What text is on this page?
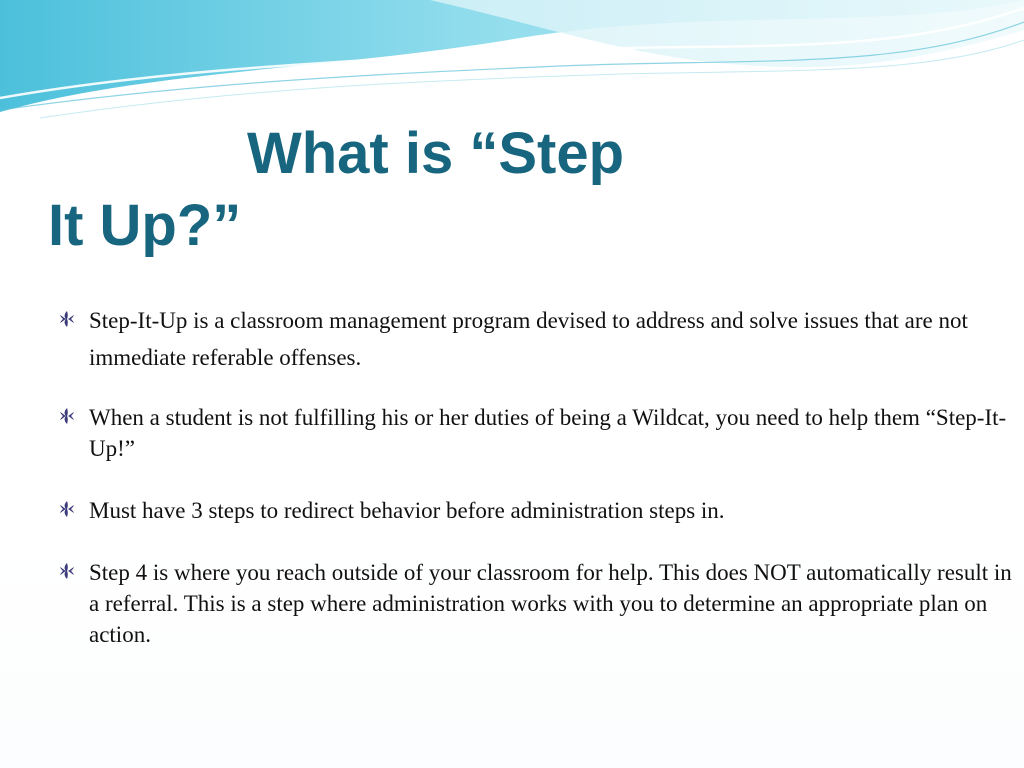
What is “Step
It Up?”
Step-It-Up is a classroom management program devised to address and solve issues that are not immediate referable offenses.
When a student is not fulfilling his or her duties of being a Wildcat, you need to help them “Step-It-Up!”
Must have 3 steps to redirect behavior before administration steps in.
Step 4 is where you reach outside of your classroom for help. This does NOT automatically result in a referral. This is a step where administration works with you to determine an appropriate plan on action.
